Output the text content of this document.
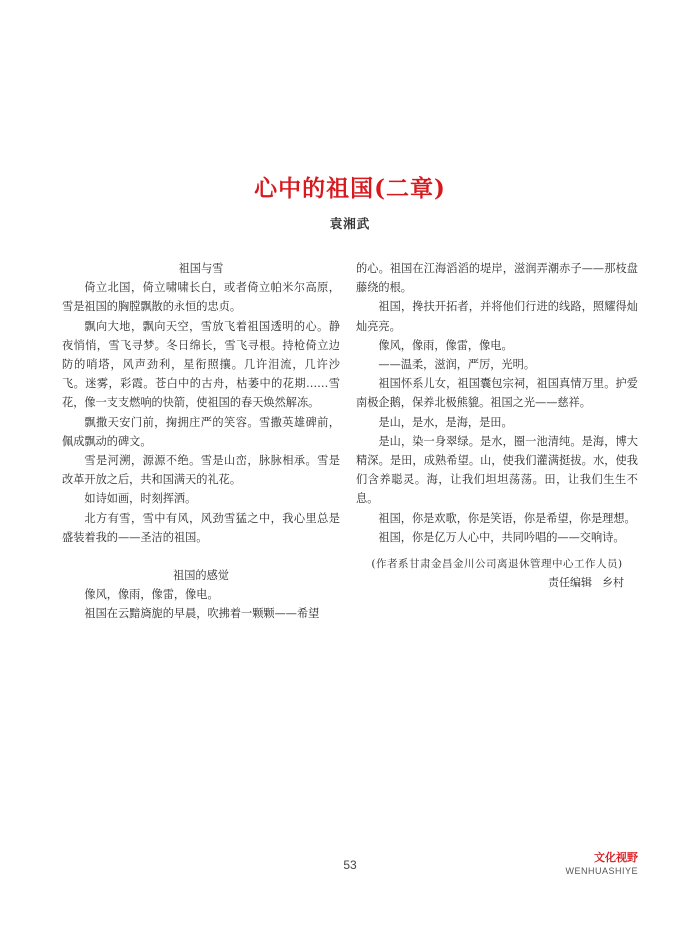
心中的祖国(二章)
袁湘武
祖国与雪

倚立北国，倚立啸啸长白，或者倚立帕米尔高原，雪是祖国的胸膛飘散的永恒的忠贞。

飘向大地，飘向天空，雪放飞着祖国透明的心。静夜悄悄，雪飞寻梦。冬日绵长，雪飞寻根。持枪倚立边防的哨塔，风声劲利，星衔照攘。几许泪流，几许沙飞。迷雾，彩霞。苍白中的古舟，枯萎中的花期……雪花，像一支支燃响的快箭，使祖国的春天焕然解冻。

飘撒天安门前，掬拥庄严的笑容。雪撒英雄碑前，佩成飘动的碑文。

雪是河溯，源源不绝。雪是山峦，脉脉相承。雪是改革开放之后，共和国满天的礼花。

如诗如画，时刻挥洒。

北方有雪，雪中有风，风劲雪猛之中，我心里总是盛装着我的——圣洁的祖国。

祖国的感觉

像风，像雨，像雷，像电。

祖国在云黯旖旎的早晨，吹拂着一颗颗——希望

的心。祖国在江海滔滔的堤岸，滋润弄潮赤子——那枝盘藤绕的根。

祖国，搀扶开拓者，并将他们行进的线路，照耀得灿灿亮亮。

像风，像雨，像雷，像电。

——温柔，滋润，严厉，光明。

祖国怀系儿女，祖国囊包宗祠，祖国真情万里。护爱南极企鹅，保养北极熊貔。祖国之光——慈祥。

是山，是水，是海，是田。

是山，染一身翠绿。是水，圈一池清纯。是海，博大精深。是田，成熟希望。山，使我们灌满挺拔。水，使我们含养聪灵。海，让我们坦坦荡荡。田，让我们生生不息。

祖国，你是欢歌，你是笑语，你是希望，你是理想。

祖国，你是亿万人心中，共同吟唱的——交响诗。

(作者系甘肃金昌金川公司离退休管理中心工作人员)
责任编辑 乡村
53	文化视野
WENHUASHIYE
